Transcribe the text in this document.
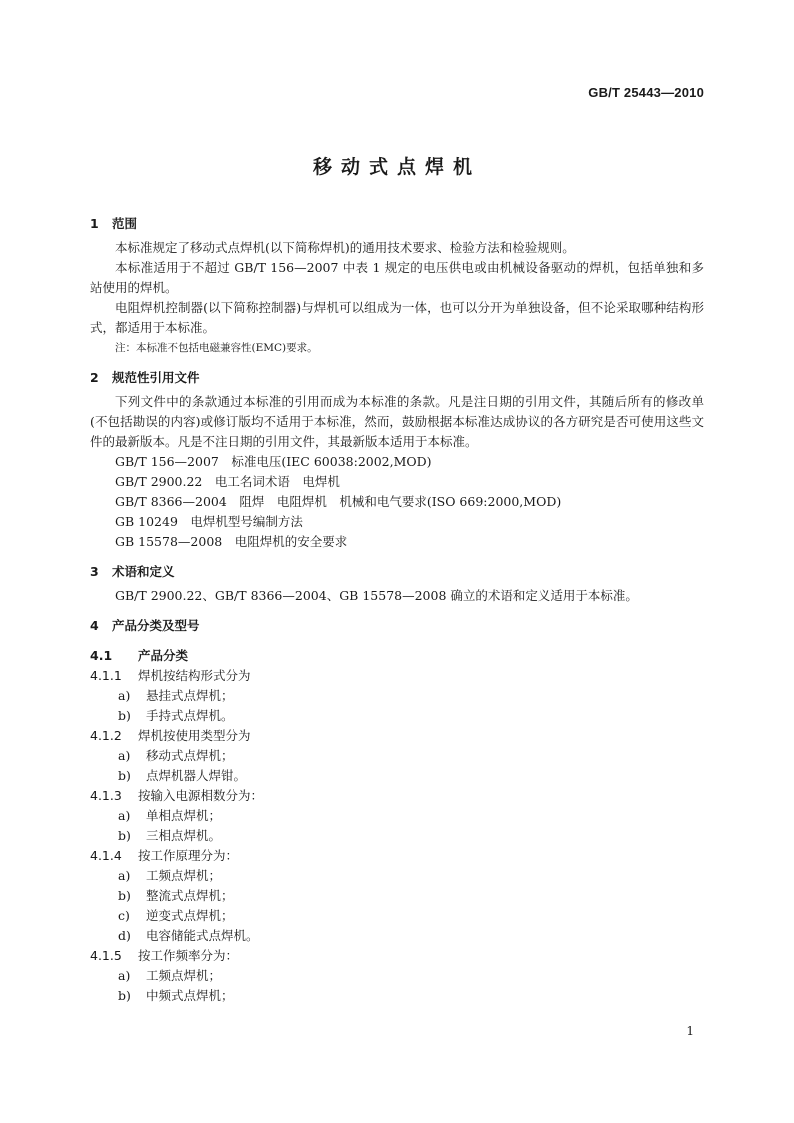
GB/T 25443—2010
移动式点焊机
1 范围
本标准规定了移动式点焊机(以下简称焊机)的通用技术要求、检验方法和检验规则。
本标准适用于不超过 GB/T 156—2007 中表 1 规定的电压供电或由机械设备驱动的焊机，包括单独和多站使用的焊机。
电阻焊机控制器(以下简称控制器)与焊机可以组成为一体，也可以分开为单独设备，但不论采取哪种结构形式，都适用于本标准。
注：本标准不包括电磁兼容性(EMC)要求。
2 规范性引用文件
下列文件中的条款通过本标准的引用而成为本标准的条款。凡是注日期的引用文件，其随后所有的修改单(不包括勘误的内容)或修订版均不适用于本标准，然而，鼓励根据本标准达成协议的各方研究是否可使用这些文件的最新版本。凡是不注日期的引用文件，其最新版本适用于本标准。
GB/T 156—2007　标准电压(IEC 60038:2002,MOD)
GB/T 2900.22　电工名词术语　电焊机
GB/T 8366—2004　阻焊　电阻焊机　机械和电气要求(ISO 669:2000,MOD)
GB 10249　电焊机型号编制方法
GB 15578—2008　电阻焊机的安全要求
3 术语和定义
GB/T 2900.22、GB/T 8366—2004、GB 15578—2008 确立的术语和定义适用于本标准。
4 产品分类及型号
4.1 产品分类
4.1.1 焊机按结构形式分为
a) 悬挂式点焊机；
b) 手持式点焊机。
4.1.2 焊机按使用类型分为
a) 移动式点焊机；
b) 点焊机器人焊钳。
4.1.3 按输入电源相数分为：
a) 单相点焊机；
b) 三相点焊机。
4.1.4 按工作原理分为：
a) 工频点焊机；
b) 整流式点焊机；
c) 逆变式点焊机；
d) 电容储能式点焊机。
4.1.5 按工作频率分为：
a) 工频点焊机；
b) 中频式点焊机；
1
